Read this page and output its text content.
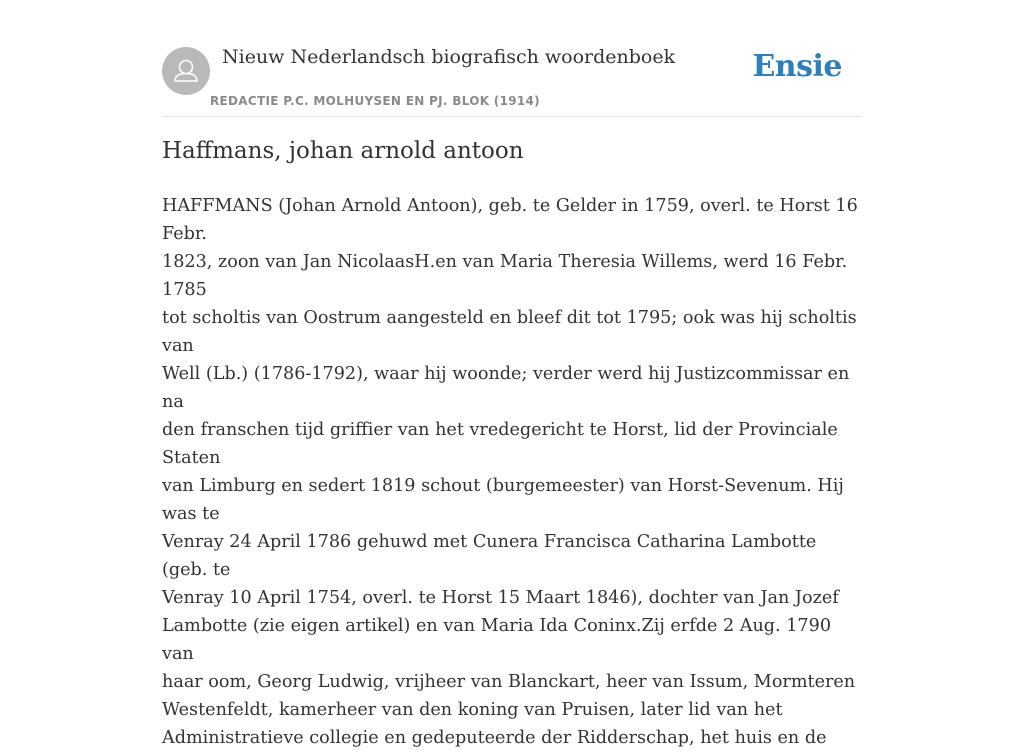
Nieuw Nederlandsch biografisch woordenboek
REDACTIE P.C. MOLHUYSEN EN PJ. BLOK (1914)
Ensie
Haffmans, johan arnold antoon
HAFFMANS (Johan Arnold Antoon), geb. te Gelder in 1759, overl. te Horst 16 Febr.
1823, zoon van Jan NicolaasH.en van Maria Theresia Willems, werd 16 Febr. 1785
tot scholtis van Oostrum aangesteld en bleef dit tot 1795; ook was hij scholtis van
Well (Lb.) (1786-1792), waar hij woonde; verder werd hij Justizcommissar en na
den franschen tijd griffier van het vredegericht te Horst, lid der Provinciale Staten
van Limburg en sedert 1819 schout (burgemeester) van Horst-Sevenum. Hij was te
Venray 24 April 1786 gehuwd met Cunera Francisca Catharina Lambotte (geb. te
Venray 10 April 1754, overl. te Horst 15 Maart 1846), dochter van Jan Jozef
Lambotte (zie eigen artikel) en van Maria Ida Coninx.Zij erfde 2 Aug. 1790 van
haar oom, Georg Ludwig, vrijheer van Blanckart, heer van Issum, Mormteren
Westenfeldt, kamerheer van den koning van Pruisen, later lid van het
Administratieve collegie en gedeputeerde der Ridderschap, het huis en de
